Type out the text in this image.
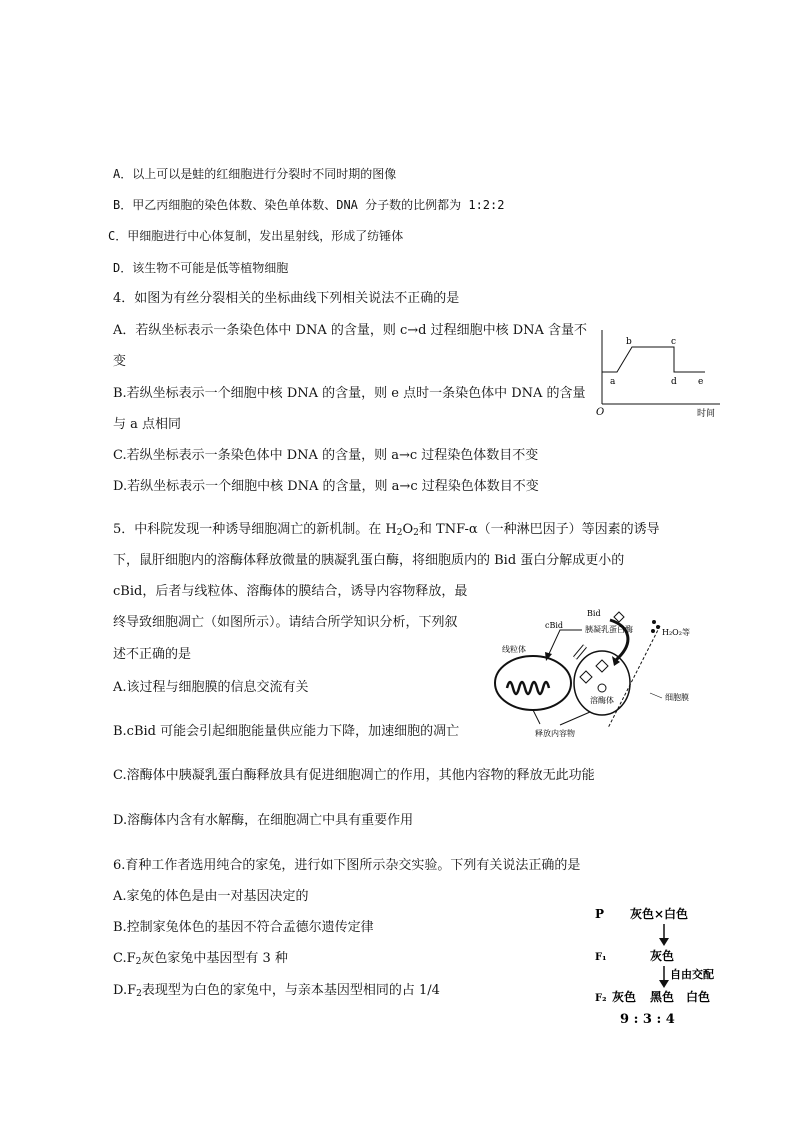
A．以上可以是蛙的红细胞进行分裂时不同时期的图像
B．甲乙丙细胞的染色体数、染色单体数、DNA 分子数的比例都为 1:2:2
C．甲细胞进行中心体复制，发出星射线，形成了纺锤体
D．该生物不可能是低等植物细胞
4．如图为有丝分裂相关的坐标曲线下列相关说法不正确的是
A．若纵坐标表示一条染色体中 DNA 的含量，则 c→d 过程细胞中核 DNA 含量不
变
B.若纵坐标表示一个细胞中核 DNA 的含量，则 e 点时一条染色体中 DNA 的含量
与 a 点相同
C.若纵坐标表示一条染色体中 DNA 的含量，则 a→c 过程染色体数目不变
D.若纵坐标表示一个细胞中核 DNA 的含量，则 a→c 过程染色体数目不变
O	时间
a
b	c
d e
5．中科院发现一种诱导细胞凋亡的新机制。在 $H_2O_2$和 TNF-α（一种淋巴因子）等因素的诱导
下，鼠肝细胞内的溶酶体释放微量的胰凝乳蛋白酶，将细胞质内的 Bid 蛋白分解成更小的
cBid，后者与线粒体、溶酶体的膜结合，诱导内容物释放，最
终导致细胞凋亡（如图所示）。请结合所学知识分析，下列叙
述不正确的是
A.该过程与细胞膜的信息交流有关
B.cBid 可能会引起细胞能量供应能力下降，加速细胞的凋亡
C.溶酶体中胰凝乳蛋白酶释放具有促进细胞凋亡的作用，其他内容物的释放无此功能
D.溶酶体内含有水解酶，在细胞凋亡中具有重要作用
Bid
cBid	胰凝乳蛋白酶	H₂O₂等
线粒体
溶酶体	细胞膜
释放内容物
6.育种工作者选用纯合的家兔，进行如下图所示杂交实验。下列有关说法正确的是
A.家兔的体色是由一对基因决定的
B.控制家兔体色的基因不符合孟德尔遗传定律
$C.F_2$灰色家兔中基因型有 3 种
$D.F_2$表现型为白色的家兔中，与亲本基因型相同的占 1/4
P 灰色×白色
F₁	灰色
自由交配
F₂ 灰色 黑色 白色
9 : 3 : 4
